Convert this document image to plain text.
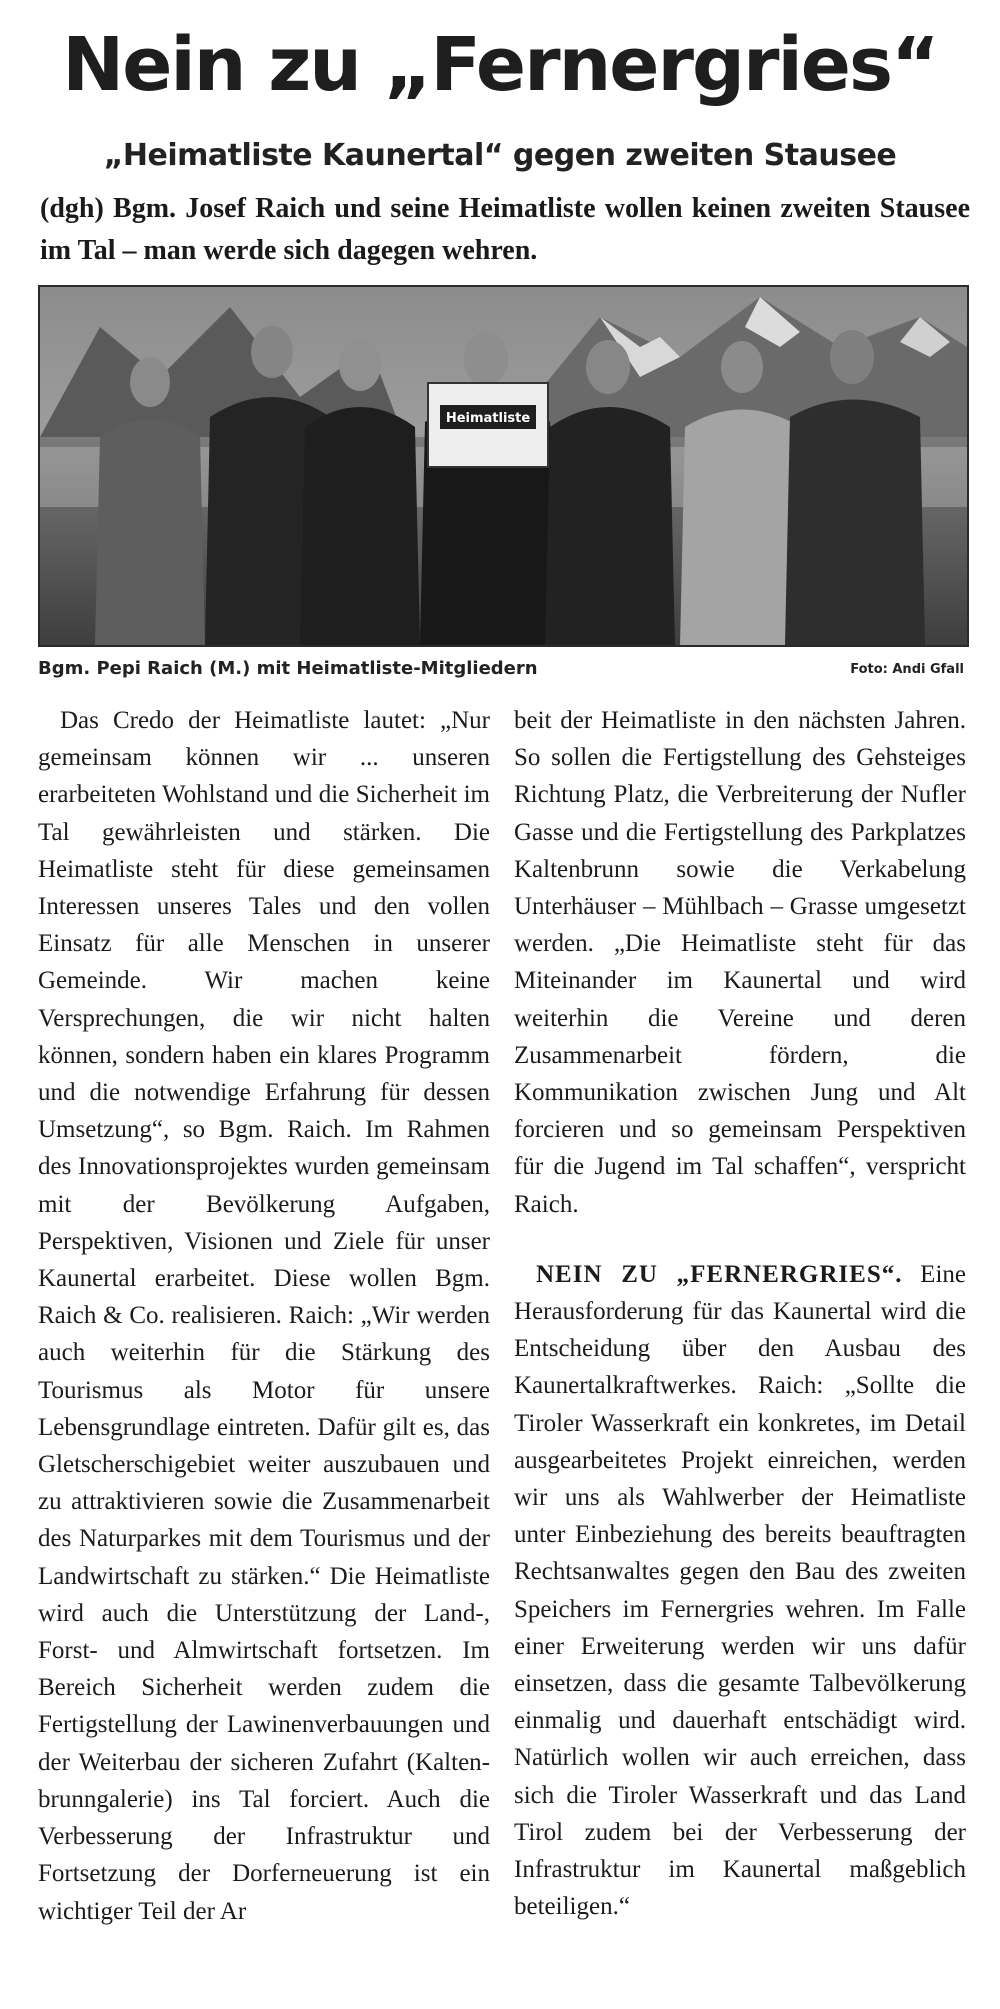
Nein zu „Fernergries“
„Heimatliste Kaunertal“ gegen zweiten Stausee
(dgh) Bgm. Josef Raich und seine Heimatliste wollen keinen zweiten Stausee im Tal – man werde sich dagegen wehren.
Heimatliste
Bgm. Pepi Raich (M.) mit Heimatliste-Mitgliedern	Foto: Andi Gfall

Das Credo der Heimatliste lautet: „Nur gemeinsam können wir ... unseren erarbeiteten Wohlstand und die Sicherheit im Tal gewährleisten und stärken. Die Heimatliste steht für diese gemeinsamen Interessen unseres Tales und den vollen Einsatz für alle Menschen in unserer Gemeinde. Wir machen keine Versprechungen, die wir nicht halten können, sondern haben ein klares Programm und die notwendige Erfahrung für dessen Umsetzung“, so Bgm. Raich. Im Rahmen des Innovationsprojektes wurden gemeinsam mit der Bevölkerung Aufgaben, Perspektiven, Visionen und Ziele für unser Kaunertal erarbeitet. Diese wollen Bgm. Raich & Co. realisieren. Raich: „Wir werden auch weiterhin für die Stärkung des Tourismus als Motor für unsere Lebensgrundlage eintreten. Dafür gilt es, das Gletscherschigebiet weiter auszubauen und zu attraktivieren sowie die Zusammenarbeit des Naturparkes mit dem Tourismus und der Landwirtschaft zu stärken.“ Die Heimatliste wird auch die Unterstützung der Land-, Forst- und Almwirtschaft fortsetzen. Im Bereich Sicherheit werden zudem die Fertigstellung der Lawinenverbauungen und der Weiterbau der sicheren Zufahrt (Kaltenbrunngalerie) ins Tal forciert. Auch die Verbesserung der Infrastruktur und Fortsetzung der Dorferneuerung ist ein wichtiger Teil der Ar

beit der Heimatliste in den nächsten Jahren. So sollen die Fertigstellung des Gehsteiges Richtung Platz, die Verbreiterung der Nufler Gasse und die Fertigstellung des Parkplatzes Kaltenbrunn sowie die Verkabelung Unterhäuser – Mühlbach – Grasse umgesetzt werden. „Die Heimatliste steht für das Miteinander im Kaunertal und wird weiterhin die Vereine und deren Zusammenarbeit fördern, die Kommunikation zwischen Jung und Alt forcieren und so gemeinsam Perspektiven für die Jugend im Tal schaffen“, verspricht Raich.

NEIN ZU „FERNERGRIES“. Eine Herausforderung für das Kaunertal wird die Entscheidung über den Ausbau des Kaunertalkraftwerkes. Raich: „Sollte die Tiroler Wasserkraft ein konkretes, im Detail ausgearbeitetes Projekt einreichen, werden wir uns als Wahlwerber der Heimatliste unter Einbeziehung des bereits beauftragten Rechtsanwaltes gegen den Bau des zweiten Speichers im Fernergries wehren. Im Falle einer Erweiterung werden wir uns dafür einsetzen, dass die gesamte Talbevölkerung einmalig und dauerhaft entschädigt wird. Natürlich wollen wir auch erreichen, dass sich die Tiroler Wasserkraft und das Land Tirol zudem bei der Verbesserung der Infrastruktur im Kaunertal maßgeblich beteiligen.“
